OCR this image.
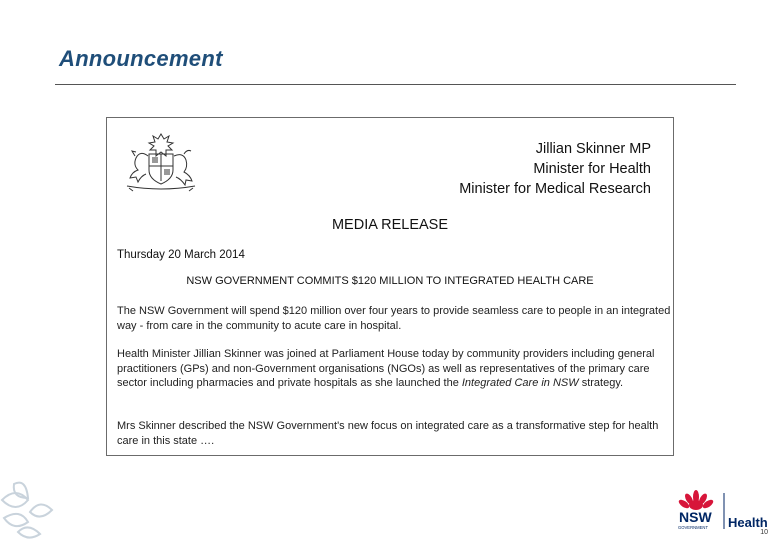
Announcement
Jillian Skinner MP
Minister for Health
Minister for Medical Research
MEDIA RELEASE
Thursday 20 March 2014
NSW GOVERNMENT COMMITS $120 MILLION TO INTEGRATED HEALTH CARE
The NSW Government will spend $120 million over four years to provide seamless care to people in an integrated way - from care in the community to acute care in hospital.
Health Minister Jillian Skinner was joined at Parliament House today by community providers including general practitioners (GPs) and non-Government organisations (NGOs) as well as representatives of the primary care sector including pharmacies and private hospitals as she launched the Integrated Care in NSW strategy.
Mrs Skinner described the NSW Government's new focus on integrated care as a transformative step for health care in this state ….
NSW
GOVERNMENT Health
10
